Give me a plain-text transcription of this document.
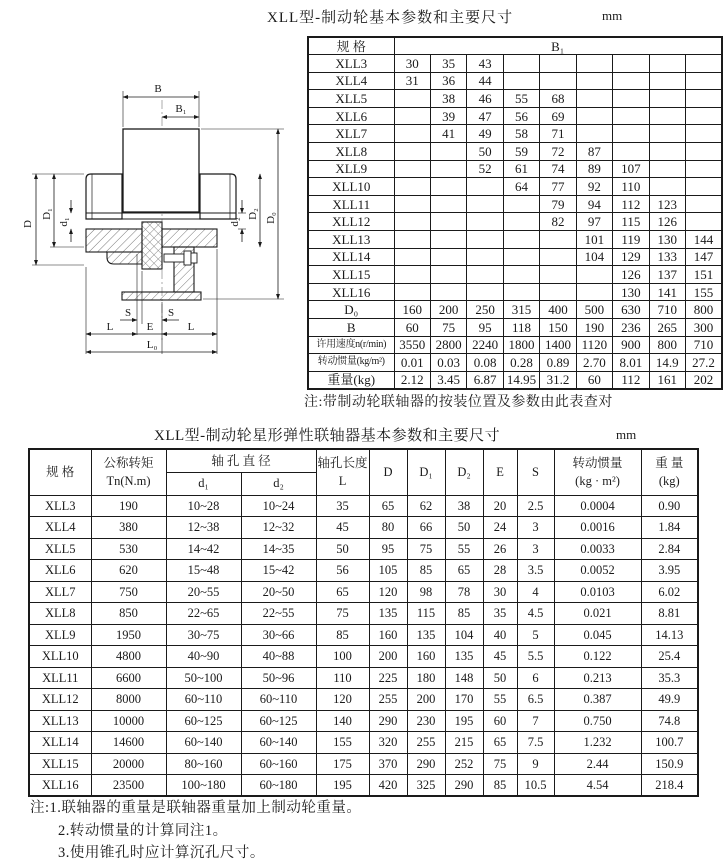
XLL型-制动轮基本参数和主要尺寸	mm
B
B₁
D
D₁
d₁	d₂
D₂ D₀
S	S
L	E	L
L₀
规 格	B₁								
XLL3	30	35	43						
XLL4	31	36	44						
XLL5		38	46	55	68				
XLL6		39	47	56	69				
XLL7		41	49	58	71				
XLL8			50	59	72	87			
XLL9			52	61	74	89	107		
XLL10				64	77	92	110		
XLL11					79	94	112	123	
XLL12					82	97	115	126	
XLL13						101	119	130	144
XLL14						104	129	133	147
XLL15							126	137	151
XLL16							130	141	155
D₀	160	200	250	315	400	500	630	710	800
B	60	75	95	118	150	190	236	265	300
许用速度n(r/min)	3550	2800	2240	1800	1400	1120	900	800	710
转动惯量(kg/m²)	0.01	0.03	0.08	0.28	0.89	2.70	8.01	14.9	27.2
重量(kg)	2.12	3.45	6.87	14.95	31.2	60	112	161	202
注:带制动轮联轴器的按装位置及参数由此表查对
XLL型-制动轮星形弹性联轴器基本参数和主要尺寸	mm
规 格	
公称转矩
Tn(N.m)
	轴 孔 直 径	轴孔长度
L
	D	D₁	D₂	E	S	
转动惯量
(kg · m²)

重 量
(kg)

		d₁	d₂								
XLL3	190	10~28	10~24	35	65	62	38	20	2.5	0.0004	0.90
XLL4	380	12~38	12~32	45	80	66	50	24	3	0.0016	1.84
XLL5	530	14~42	14~35	50	95	75	55	26	3	0.0033	2.84
XLL6	620	15~48	15~42	56	105	85	65	28	3.5	0.0052	3.95
XLL7	750	20~55	20~50	65	120	98	78	30	4	0.0103	6.02
XLL8	850	22~65	22~55	75	135	115	85	35	4.5	0.021	8.81
XLL9	1950	30~75	30~66	85	160	135	104	40	5	0.045	14.13
XLL10	4800	40~90	40~88	100	200	160	135	45	5.5	0.122	25.4
XLL11	6600	50~100	50~96	110	225	180	148	50	6	0.213	35.3
XLL12	8000	60~110	60~110	120	255	200	170	55	6.5	0.387	49.9
XLL13	10000	60~125	60~125	140	290	230	195	60	7	0.750	74.8
XLL14	14600	60~140	60~140	155	320	255	215	65	7.5	1.232	100.7
XLL15	20000	80~160	60~160	175	370	290	252	75	9	2.44	150.9
XLL16	23500	100~180	60~180	195	420	325	290	85	10.5	4.54	218.4
注:1.联轴器的重量是联轴器重量加上制动轮重量。
2.转动惯量的计算同注1。
3.使用锥孔时应计算沉孔尺寸。
